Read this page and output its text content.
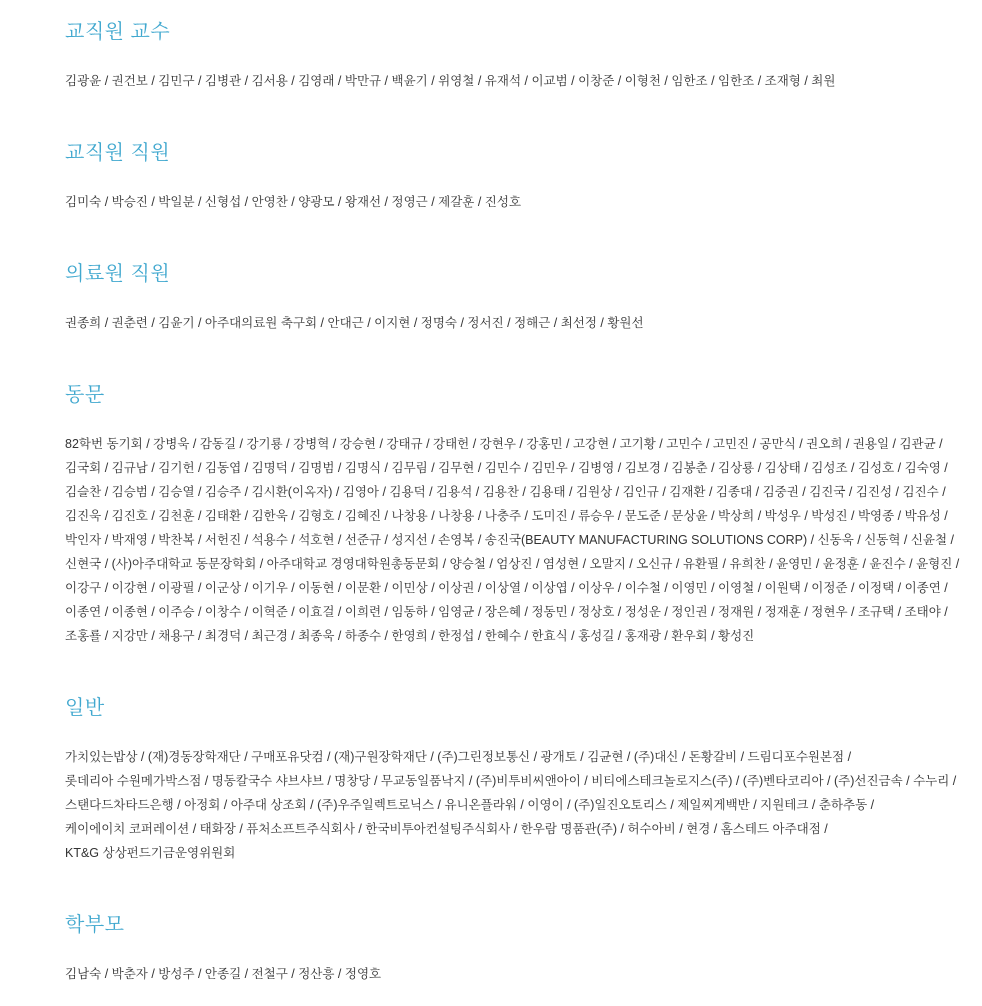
교직원 교수

김광윤 / 권건보 / 김민구 / 김병관 / 김서용 / 김영래 / 박만규 / 백윤기 / 위영철 / 유재석 / 이교범 / 이창준 / 이형천 / 임한조 / 임한조 / 조재형 / 최원

교직원 직원

김미숙 / 박승진 / 박일분 / 신형섭 / 안영찬 / 양광모 / 왕재선 / 정영근 / 제갈훈 / 진성호

의료원 직원

권종희 / 권춘련 / 김윤기 / 아주대의료원 축구회 / 안대근 / 이지현 / 정명숙 / 정서진 / 정해근 / 최선정 / 황원선

동문

82학번 동기회 / 강병욱 / 감동길 / 강기룡 / 강병혁 / 강승현 / 강태규 / 강태헌 / 강현우 / 강홍민 / 고강현 / 고기황 / 고민수 / 고민진 / 공만식 / 권오희 / 권용일 / 김관균 / 김국회 / 김규남 / 김기헌 / 김동엽 / 김명덕 / 김명범 / 김명식 / 김무림 / 김무현 / 김민수 / 김민우 / 김병영 / 김보경 / 김봉춘 / 김상룡 / 김상태 / 김성조 / 김성호 / 김숙영 / 김슬찬 / 김승범 / 김승열 / 김승주 / 김시환(이옥자) / 김영아 / 김용덕 / 김용석 / 김용찬 / 김용태 / 김원상 / 김인규 / 김재환 / 김종대 / 김중권 / 김진국 / 김진성 / 김진수 / 김진욱 / 김진호 / 김천훈 / 김태환 / 김한욱 / 김형호 / 김혜진 / 나창용 / 나창용 / 나충주 / 도미진 / 류승우 / 문도준 / 문상윤 / 박상희 / 박성우 / 박성진 / 박영종 / 박유성 / 박인자 / 박재영 / 박찬복 / 서헌진 / 석용수 / 석호현 / 선준규 / 성지선 / 손영복 / 송진국(BEAUTY MANUFACTURING SOLUTIONS CORP) / 신동욱 / 신동혁 / 신윤철 / 신현국 / (사)아주대학교 동문장학회 / 아주대학교 경영대학원총동문회 / 양승철 / 엄상진 / 염성현 / 오말지 / 오신규 / 유환필 / 유희찬 / 윤영민 / 윤정훈 / 윤진수 / 윤형진 / 이강구 / 이강현 / 이광필 / 이군상 / 이기우 / 이동현 / 이문환 / 이민상 / 이상권 / 이상열 / 이상엽 / 이상우 / 이수철 / 이영민 / 이영철 / 이원택 / 이정준 / 이정택 / 이종연 / 이종연 / 이종현 / 이주승 / 이창수 / 이혁준 / 이효걸 / 이희련 / 임동하 / 임영균 / 장은혜 / 정동민 / 정상호 / 정성운 / 정인권 / 정재원 / 정재훈 / 정현우 / 조규택 / 조태야 / 조홍룔 / 지강만 / 채용구 / 최경덕 / 최근경 / 최종욱 / 하종수 / 한영희 / 한정섭 / 한혜수 / 한효식 / 홍성길 / 홍재광 / 환우회 / 황성진

일반

가치있는밥상 / (재)경동장학재단 / 구매포유닷컴 / (재)구원장학재단 / (주)그린정보통신 / 광개토 / 김균현 / (주)대신 / 돈황갈비 / 드림디포수원본점 / 롯데리아 수원메가박스점 / 명동칼국수 샤브샤브 / 명창당 / 무교동일품낙지 / (주)비투비씨앤아이 / 비티에스테크놀로지스(주) / (주)벤타코리아 / (주)선진금속 / 수누리 / 스탠다드차타드은행 / 아정회 / 아주대 상조회 / (주)우주일렉트로닉스 / 유니온플라워 / 이영이 / (주)일진오토리스 / 제일찌게백반 / 지원테크 / 춘하추동 / 케이에이치 코퍼레이션 / 태화장 / 퓨처소프트주식회사 / 한국비투아컨설팅주식회사 / 한우람 명품관(주) / 허수아비 / 현경 / 홈스테드 아주대점 / KT&G 상상펀드기금운영위원회

학부모

김남숙 / 박춘자 / 방성주 / 안종길 / 전철구 / 정산흥 / 정영호
